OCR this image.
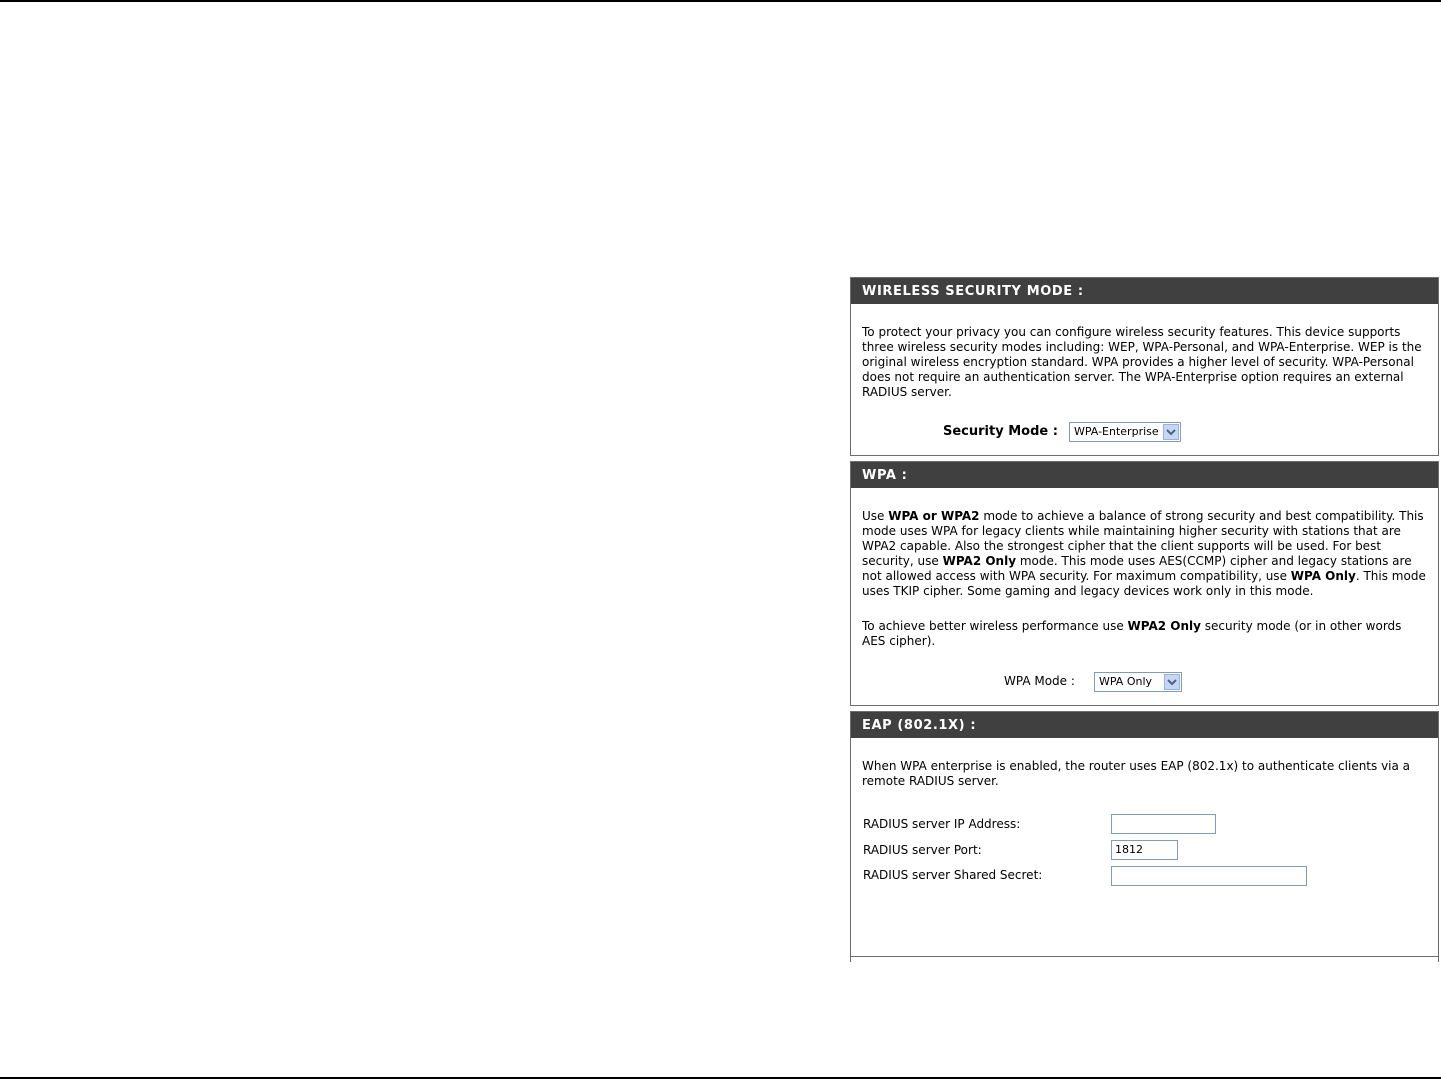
WIRELESS SECURITY MODE :

To protect your privacy you can configure wireless security features. This device supports three wireless security modes including: WEP, WPA-Personal, and WPA-Enterprise. WEP is the original wireless encryption standard. WPA provides a higher level of security. WPA-Personal does not require an authentication server. The WPA-Enterprise option requires an external RADIUS server.

Security Mode :	WPA-Enterprise
WPA :

Use WPA or WPA2 mode to achieve a balance of strong security and best compatibility. This mode uses WPA for legacy clients while maintaining higher security with stations that are WPA2 capable. Also the strongest cipher that the client supports will be used. For best security, use WPA2 Only mode. This mode uses AES(CCMP) cipher and legacy stations are not allowed access with WPA security. For maximum compatibility, use WPA Only. This mode uses TKIP cipher. Some gaming and legacy devices work only in this mode.

To achieve better wireless performance use WPA2 Only security mode (or in other words AES cipher).

WPA Mode :	WPA Only
EAP (802.1X) :

When WPA enterprise is enabled, the router uses EAP (802.1x) to authenticate clients via a remote RADIUS server.

RADIUS server IP Address:
RADIUS server Port:	1812
RADIUS server Shared Secret:
